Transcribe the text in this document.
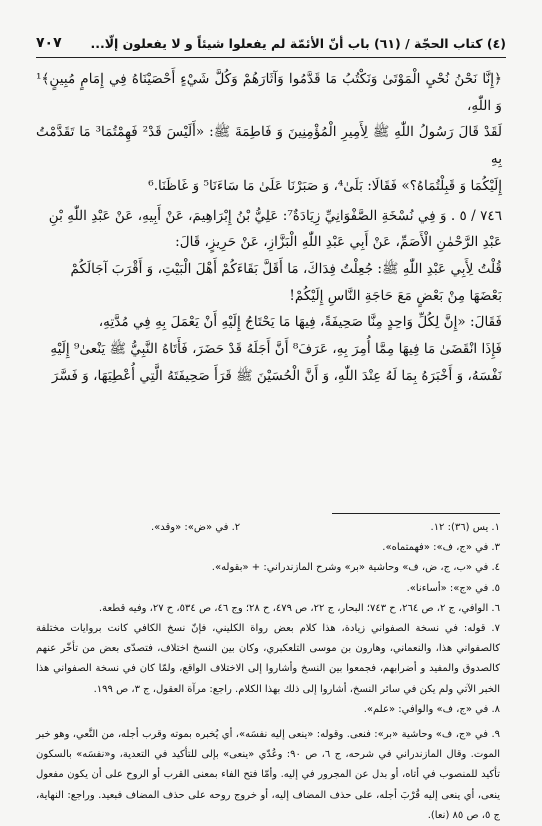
(٤) كتاب الحجّة / (٦١) باب أنّ الأئمّة لم يفعلوا شيئاً و لا يفعلون إلّا...
٧٠٧

﴿إِنَّا نَحْنُ نُحْيِ الْمَوْتَىٰ وَنَكْتُبُ مَا قَدَّمُوا وَآثَارَهُمْ وَكُلَّ شَيْءٍ أَحْصَيْنَاهُ فِي إِمَامٍ مُبِينٍ﴾¹ وَ اللّٰهِ،

لَقَدْ قَالَ رَسُولُ اللّٰهِ ﷺ لِأَمِيرِ الْمُؤْمِنِينَ وَ فَاطِمَةَ ﷺ: «أَلَيْسَ قَدْ² فَهِمْتُمَا³ مَا تَقَدَّمْتُ بِهِ

إِلَيْكُمَا وَ قَبِلْتُمَاهُ؟» فَقَالَا: بَلَىٰ⁴، وَ صَبَرْنَا عَلَىٰ مَا سَاءَنَا⁵ وَ غَاظَنَا.⁶

٧٤٦ / ٥ . وَ فِي نُسْخَةِ الصَّفْوَانِيِّ زِيَادَةٌ⁷: عَلِيُّ بْنُ إِبْرَاهِيمَ، عَنْ أَبِيهِ، عَنْ عَبْدِ اللّٰهِ بْنِ

عَبْدِ الرَّحْمٰنِ الْأَصَمِّ، عَنْ أَبِي عَبْدِ اللّٰهِ الْبَزَّازِ، عَنْ حَرِيزٍ، قَالَ:

قُلْتُ لِأَبِي عَبْدِ اللّٰهِ ﷺ: جُعِلْتُ فِدَاكَ، مَا أَقَلَّ بَقَاءَكُمْ أَهْلَ الْبَيْتِ، وَ أَقْرَبَ آجَالَكُمْ

بَعْضَهَا مِنْ بَعْضٍ مَعَ حَاجَةِ النَّاسِ إِلَيْكُمْ!

فَقَالَ: «إِنَّ لِكُلِّ وَاحِدٍ مِنَّا صَحِيفَةً، فِيهَا مَا يَحْتَاجُ إِلَيْهِ أَنْ يَعْمَلَ بِهِ فِي مُدَّتِهِ،

فَإِذَا انْقَضَىٰ مَا فِيهَا مِمَّا أُمِرَ بِهِ، عَرَفَ⁸ أَنَّ أَجَلَهُ قَدْ حَضَرَ، فَأَتَاهُ النَّبِيُّ ﷺ يَنْعىٰ⁹ إِلَيْهِ

نَفْسَهُ، وَ أَخْبَرَهُ بِمَا لَهُ عِنْدَ اللّٰهِ، وَ أَنَّ الْحُسَيْنَ ﷺ قَرَأَ صَحِيفَتَهُ الَّتِي أُعْطِيَهَا، وَ فَسَّرَ

١. يس (٣٦): ١٢.
٢. في «ض»: «وقد».

٣. في «ج، ف»: «فهمتماه».

٤. في «ب، ج، ض، ف» وحاشية «بر» وشرح المازندراني: + «بقوله».

٥. في «ج»: «أساءنا».

٦. الوافي، ج ٢، ص ٢٦٤، ح ٧٤٣؛ البحار، ج ٢٢، ص ٤٧٩، ح ٢٨؛ وج ٤٦، ص ٥٣٤، ح ٢٧، وفيه قطعة.

٧. قوله: في نسخة الصفواني زيادة، هذا كلام بعض رواة الكليني، فإنّ نسخ الكافي كانت بروايات مختلفة كالصفواني هذا، والنعماني، وهارون بن موسى التلعكبري، وكان بين النسخ اختلاف، فتصدّى بعض من تأخّر عنهم كالصدوق والمفيد و أضرابهم، فجمعوا بين النسخ وأشاروا إلى الاختلاف الواقع، ولمّا كان في نسخة الصفواني هذا الخبر الآتي ولم يكن في سائر النسخ، أشاروا إلى ذلك بهذا الكلام. راجع: مرآة العقول، ج ٣، ص ١٩٩.

٨. في «ج، ف» والوافي: «علم».

٩. في «ج، ف» وحاشية «بر»: فنعى. وقوله: «ينعى إليه نفسَه»، أي يُخبره بموته وقرب أجله، من النَّعي، وهو خبر الموت. وقال المازندراني في شرحه، ج ٦، ص ٩٠: وعُدّي «ينعى» بإلى للتأكيد في التعدية، و«نفسَه» بالسكون تأكيد للمنصوب في أتاه، أو بدل عن المجرور في إليه. وأمّا فتح الفاء بمعنى القرب أو الروح على أن يكون مفعول ينعى، أي ينعى إليه قُرْبَ أجله، على حذف المضاف إليه، أو خروج روحه على حذف المضاف فبعيد. وراجع: النهاية، ج ٥، ص ٨٥ (نعا).
